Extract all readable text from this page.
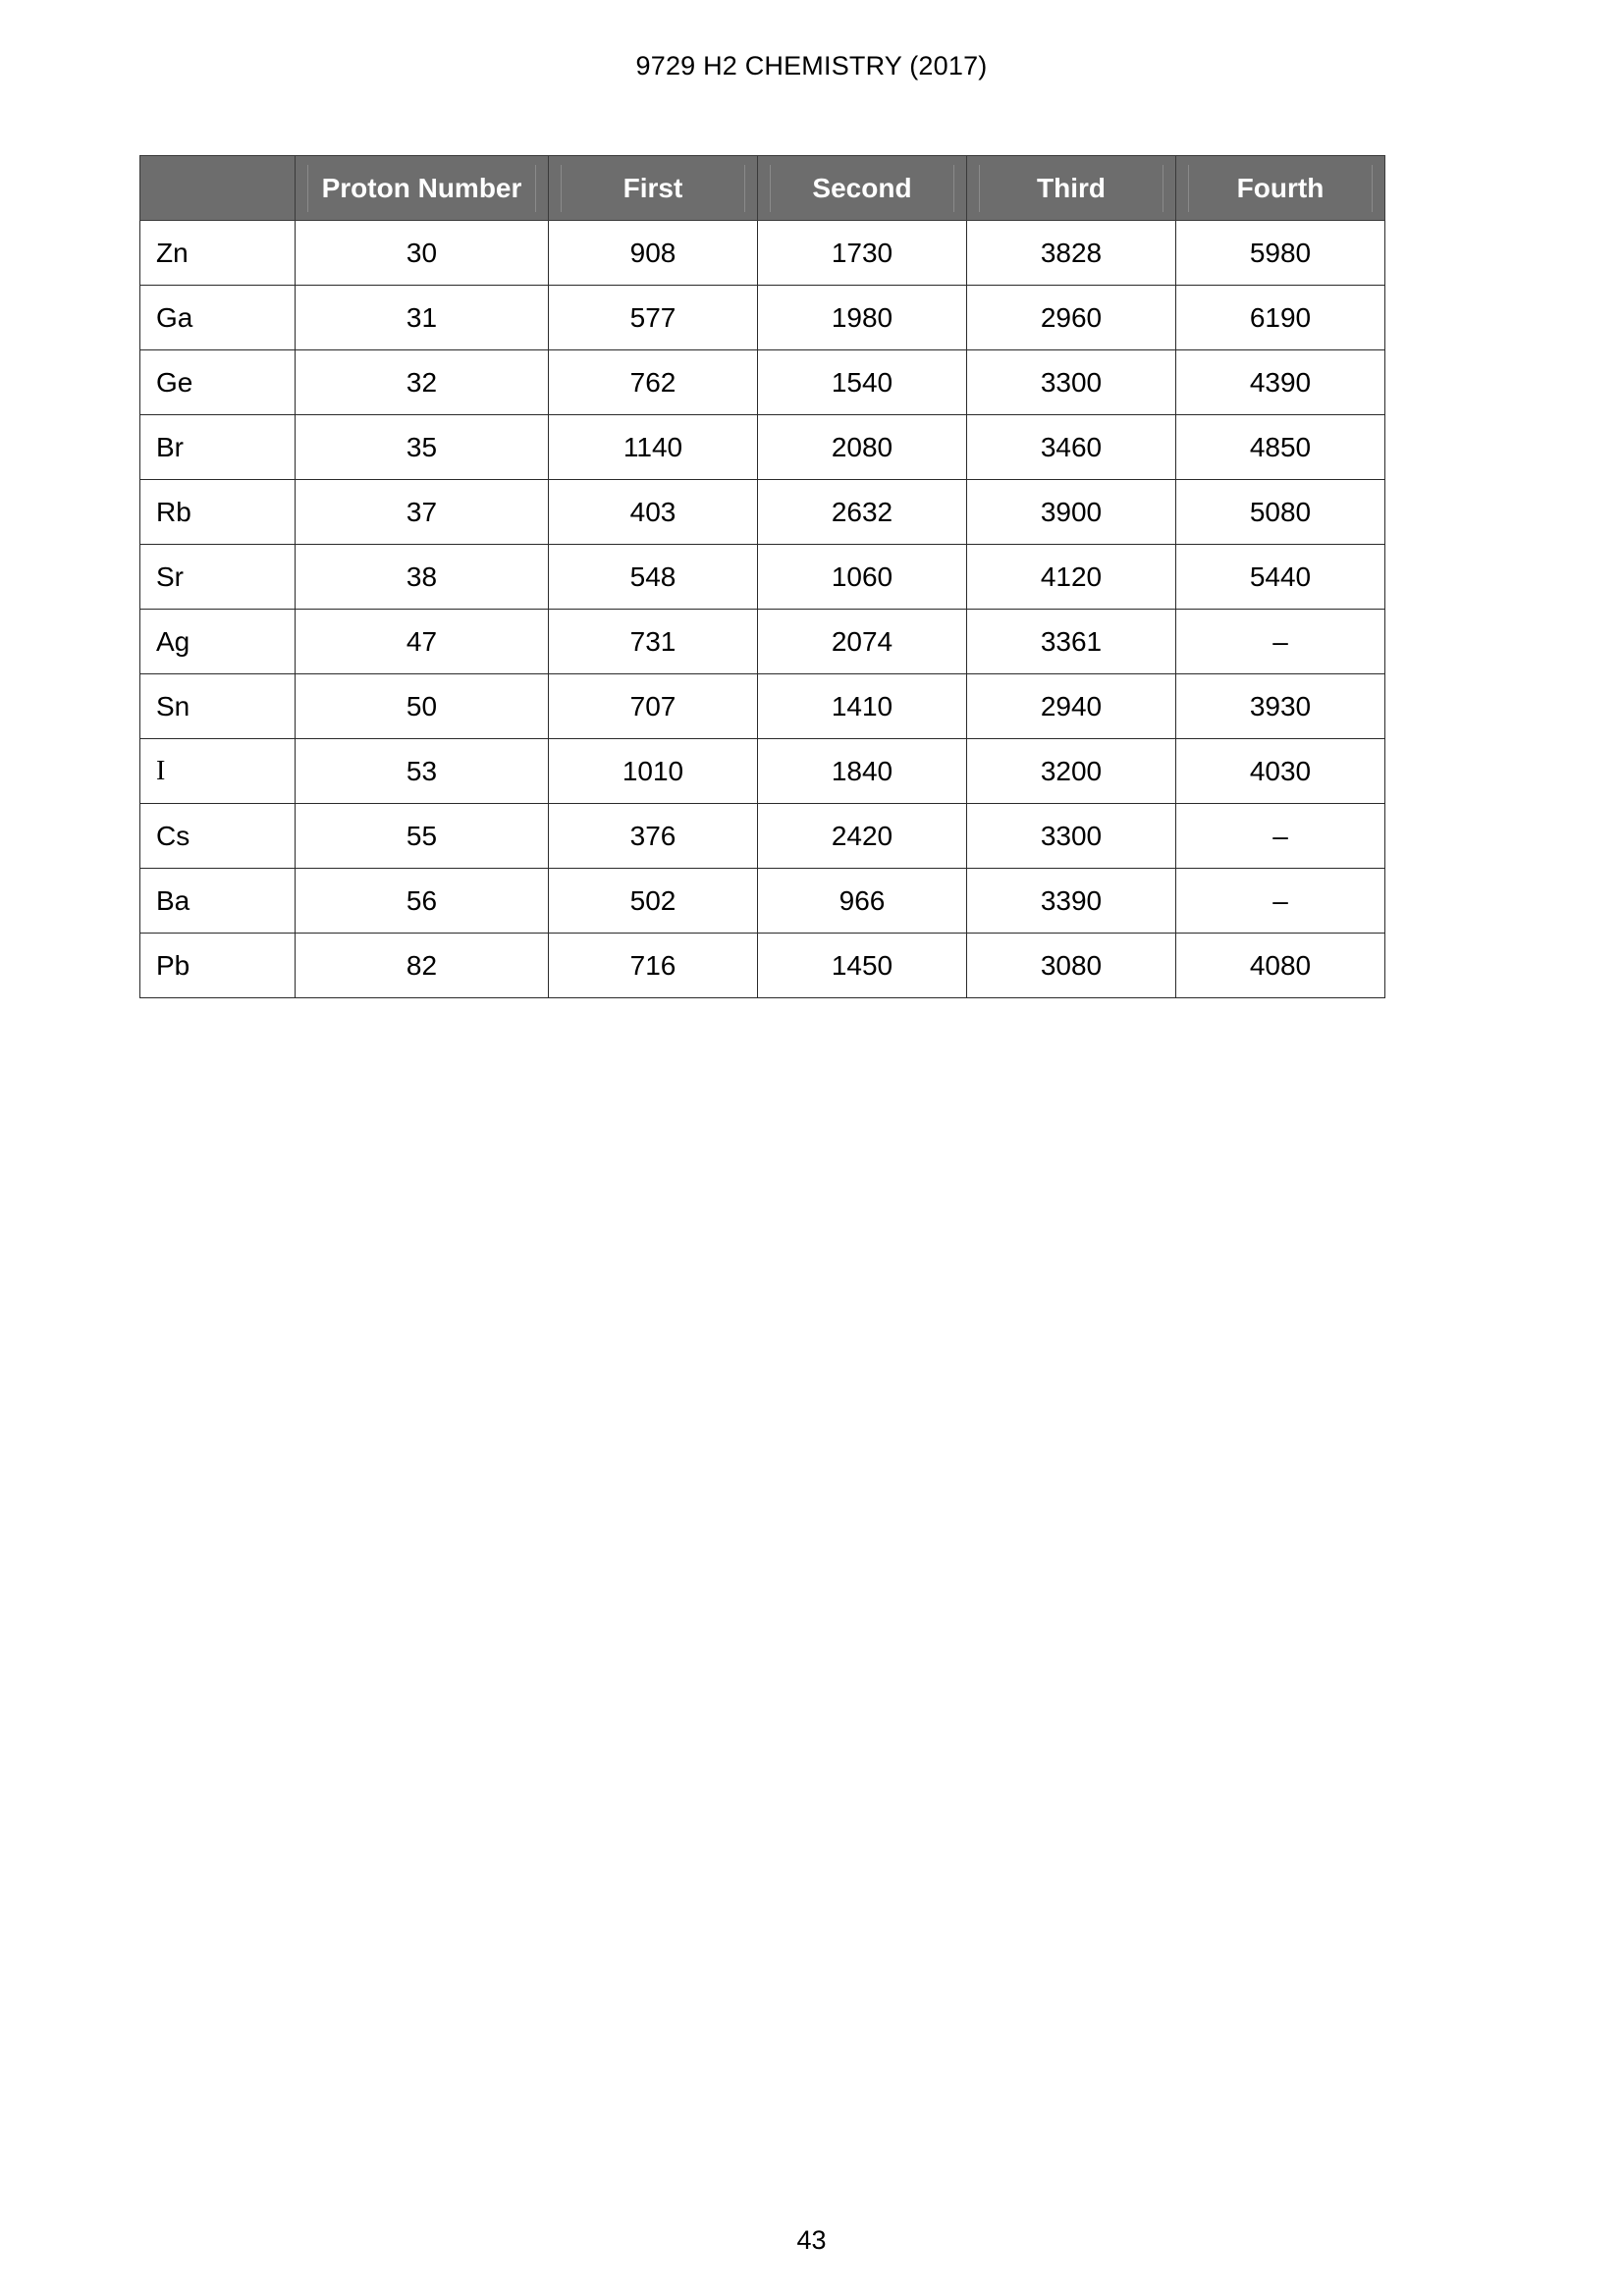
9729 H2 CHEMISTRY (2017)

	Proton Number	First	Second	Third	Fourth

Zn	30	908	1730	3828	5980
Ga	31	577	1980	2960	6190
Ge	32	762	1540	3300	4390
Br	35	1140	2080	3460	4850
Rb	37	403	2632	3900	5080
Sr	38	548	1060	4120	5440
Ag	47	731	2074	3361	–
Sn	50	707	1410	2940	3930
I	53	1010	1840	3200	4030
Cs	55	376	2420	3300	–
Ba	56	502	966	3390	–
Pb	82	716	1450	3080	4080
43
